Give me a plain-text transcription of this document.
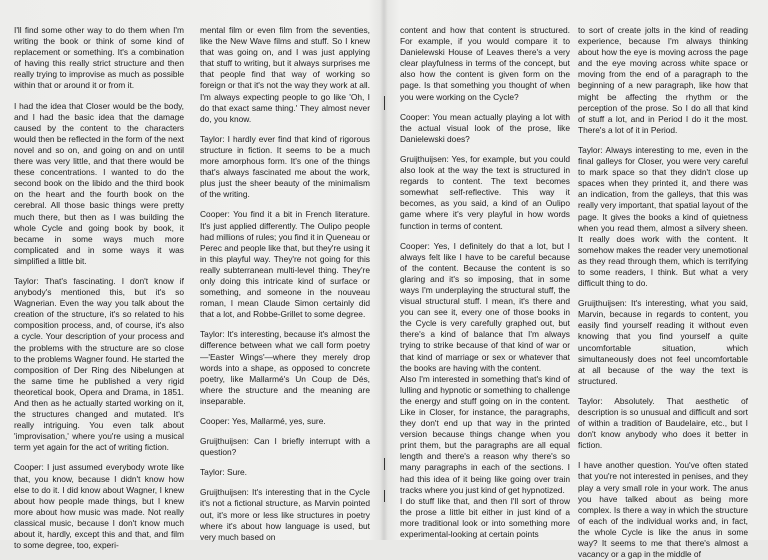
I'll find some other way to do them when I'm writing the book or think of some kind of replacement or something. It's a combination of having this really strict structure and then really trying to improvise as much as possible within that or around it or from it.

I had the idea that Closer would be the body, and I had the basic idea that the damage caused by the content to the characters would then be reflected in the form of the next novel and so on, and going on and on until there was very little, and that there would be these concentrations. I wanted to do the second book on the libido and the third book on the heart and the fourth book on the cerebral. All those basic things were pretty much there, but then as I was building the whole Cycle and going book by book, it became in some ways much more complicated and in some ways it was simplified a little bit.

Taylor: That's fascinating. I don't know if anybody's mentioned this, but it's so Wagnerian. Even the way you talk about the creation of the structure, it's so related to his composition process, and, of course, it's also a cycle. Your description of your process and the problems with the structure are so close to the problems Wagner found. He started the composition of Der Ring des Nibelungen at the same time he published a very rigid theoretical book, Opera and Drama, in 1851. And then as he actually started working on it, the structures changed and mutated. It's really intriguing. You even talk about 'improvisation,' where you're using a musical term yet again for the act of writing fiction.

Cooper: I just assumed everybody wrote like that, you know, because I didn't know how else to do it. I did know about Wagner, I knew about how people made things, but I knew more about how music was made. Not really classical music, because I don't know much about it, hardly, except this and that, and film to some degree, too, experi-

mental film or even film from the seventies, like the New Wave films and stuff. So I knew that was going on, and I was just applying that stuff to writing, but it always surprises me that people find that way of working so foreign or that it's not the way they work at all. I'm always expecting people to go like 'Oh, I do that exact same thing.' They almost never do, you know.

Taylor: I hardly ever find that kind of rigorous structure in fiction. It seems to be a much more amorphous form. It's one of the things that's always fascinated me about the work, plus just the sheer beauty of the minimalism of the writing.

Cooper: You find it a bit in French literature. It's just applied differently. The Oulipo people had millions of rules; you find it in Queneau or Perec and people like that, but they're using it in this playful way. They're not going for this really subterranean multi-level thing. They're only doing this intricate kind of surface or something, and someone in the nouveau roman, I mean Claude Simon certainly did that a lot, and Robbe-Grillet to some degree.

Taylor: It's interesting, because it's almost the difference between what we call form poetry—'Easter Wings'—where they merely drop words into a shape, as opposed to concrete poetry, like Mallarmé's Un Coup de Dés, where the structure and the meaning are inseparable.

Cooper: Yes, Mallarmé, yes, sure.

Gruijthuijsen: Can I briefly interrupt with a question?

Taylor: Sure.

Gruijthuijsen: It's interesting that in the Cycle it's not a fictional structure, as Marvin pointed out, it's more or less like structures in poetry where it's about how language is used, but very much based on

content and how that content is structured. For example, if you would compare it to Danielewski House of Leaves there's a very clear playfulness in terms of the concept, but also how the content is given form on the page. Is that something you thought of when you were working on the Cycle?

Cooper: You mean actually playing a lot with the actual visual look of the prose, like Danielewski does?

Gruijthuijsen: Yes, for example, but you could also look at the way the text is structured in regards to content. The text becomes somewhat self-reflective. This way it becomes, as you said, a kind of an Oulipo game where it's very playful in how words function in terms of content.

Cooper: Yes, I definitely do that a lot, but I always felt like I have to be careful because of the content. Because the content is so glaring and it's so imposing, that in some ways I'm underplaying the structural stuff, the visual structural stuff. I mean, it's there and you can see it, every one of those books in the Cycle is very carefully graphed out, but there's a kind of balance that I'm always trying to strike because of that kind of war or that kind of marriage or sex or whatever that the books are having with the content.

Also I'm interested in something that's kind of lulling and hypnotic or something to challenge the energy and stuff going on in the content. Like in Closer, for instance, the paragraphs, they don't end up that way in the printed version because things change when you print them, but the paragraphs are all equal length and there's a reason why there's so many paragraphs in each of the sections. I had this idea of it being like going over train tracks where you just kind of get hypnotized.

I do stuff like that, and then I'll sort of throw the prose a little bit either in just kind of a more traditional look or into something more experimental-looking at certain points

to sort of create jolts in the kind of reading experience, because I'm always thinking about how the eye is moving across the page and the eye moving across white space or moving from the end of a paragraph to the beginning of a new paragraph, like how that might be affecting the rhythm or the perception of the prose. So I do all that kind of stuff a lot, and in Period I do it the most. There's a lot of it in Period.

Taylor: Always interesting to me, even in the final galleys for Closer, you were very careful to mark space so that they didn't close up spaces when they printed it, and there was an indication, from the galleys, that this was really very important, that spatial layout of the page. It gives the books a kind of quietness when you read them, almost a silvery sheen. It really does work with the content. It somehow makes the reader very unemotional as they read through them, which is terrifying to some readers, I think. But what a very difficult thing to do.

Gruijthuijsen: It's interesting, what you said, Marvin, because in regards to content, you easily find yourself reading it without even knowing that you find yourself a quite uncomfortable situation, which simultaneously does not feel uncomfortable at all because of the way the text is structured.

Taylor: Absolutely. That aesthetic of description is so unusual and difficult and sort of within a tradition of Baudelaire, etc., but I don't know anybody who does it better in fiction.

I have another question. You've often stated that you're not interested in penises, and they play a very small role in your work. The anus you have talked about as being more complex. Is there a way in which the structure of each of the individual works and, in fact, the whole Cycle is like the anus in some way? It seems to me that there's almost a vacancy or a gap in the middle of
